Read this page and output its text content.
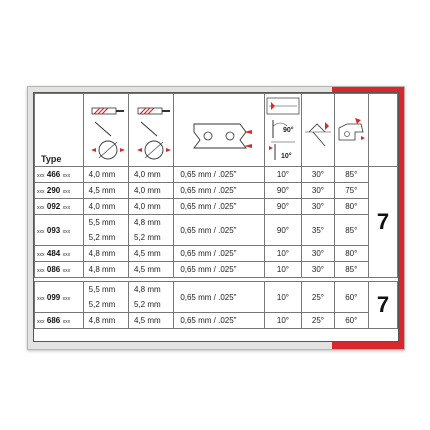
Type				90°
10°

xxx 466 xxx	4,0 mm	4,0 mm	0,65 mm / .025"	10°	30°	85°	7

xxx 290 xxx	4,5 mm	4,0 mm	0,65 mm / .025"	90°	30°	75°	
xxx 092 xxx	4,0 mm	4,0 mm	0,65 mm / .025"	90°	30°	80°	
xxx 093 xxx	5,5 mm
5,2 mm	4,8 mm
5,2 mm	0,65 mm / .025"	90°	35°	85°	
xxx 484 xxx	4,8 mm	4,5 mm	0,65 mm / .025"	10°	30°	80°	
xxx 086 xxx	4,8 mm	4,5 mm	0,65 mm / .025"	10°	30°	85°	

xxx 099 xxx	5,5 mm
5,2 mm	4,8 mm
5,2 mm	0,65 mm / .025"	10°	25°	60°	7

xxx 686 xxx	4,8 mm	4,5 mm	0,65 mm / .025"	10°	25°	60°	
